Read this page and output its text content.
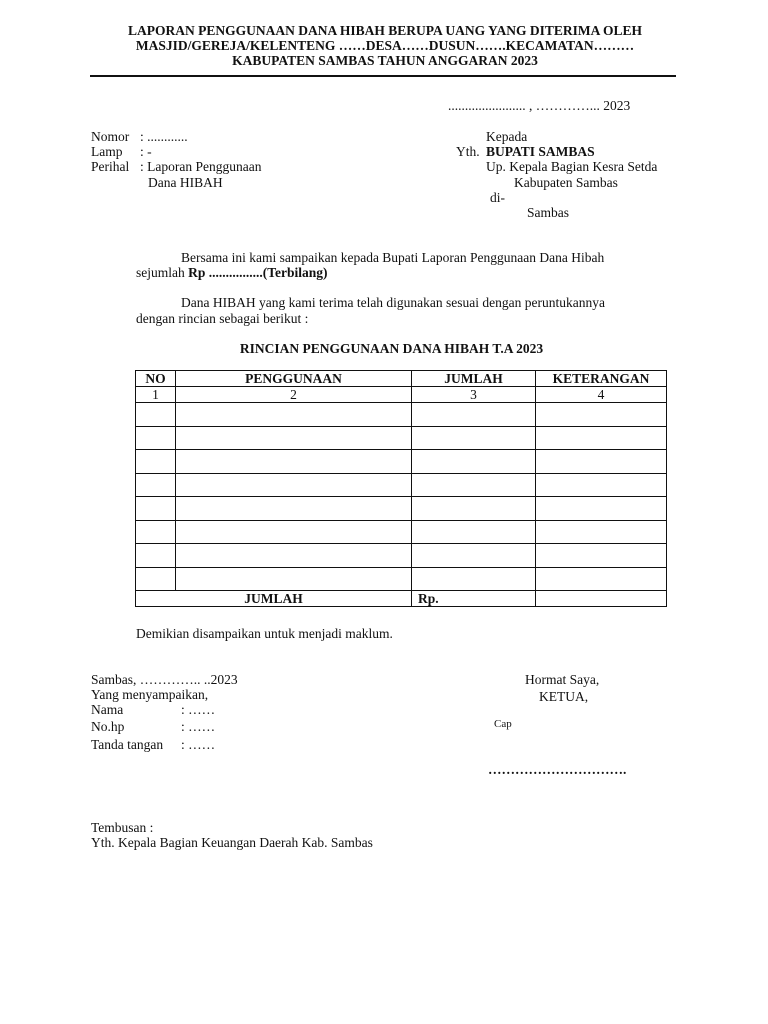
LAPORAN PENGGUNAAN DANA HIBAH BERUPA UANG YANG DITERIMA OLEH
MASJID/GEREJA/KELENTENG ……DESA……DUSUN…….KECAMATAN………
KABUPATEN SAMBAS TAHUN ANGGARAN 2023
....................... , …………... 2023
Nomor : ............
Lamp : -
Perihal : Laporan Penggunaan
Dana HIBAH
Kepada
Yth. BUPATI SAMBAS
Up. Kepala Bagian Kesra Setda
Kabupaten Sambas
di-
Sambas
Bersama ini kami sampaikan kepada Bupati Laporan Penggunaan Dana Hibah
sejumlah Rp ................(Terbilang)
Dana HIBAH yang kami terima telah digunakan sesuai dengan peruntukannya
dengan rincian sebagai berikut :
RINCIAN PENGGUNAAN DANA HIBAH T.A 2023
NO	PENGGUNAAN	JUMLAH	KETERANGAN
1	2	3	4

JUMLAH		Rp.	
Demikian disampaikan untuk menjadi maklum.
Sambas, ………….. ..2023
Yang menyampaikan,
Nama	: ……
No.hp	: ……
Tanda tangan : ……
Hormat Saya,
KETUA,
Cap
………………………….
Tembusan :
Yth. Kepala Bagian Keuangan Daerah Kab. Sambas
